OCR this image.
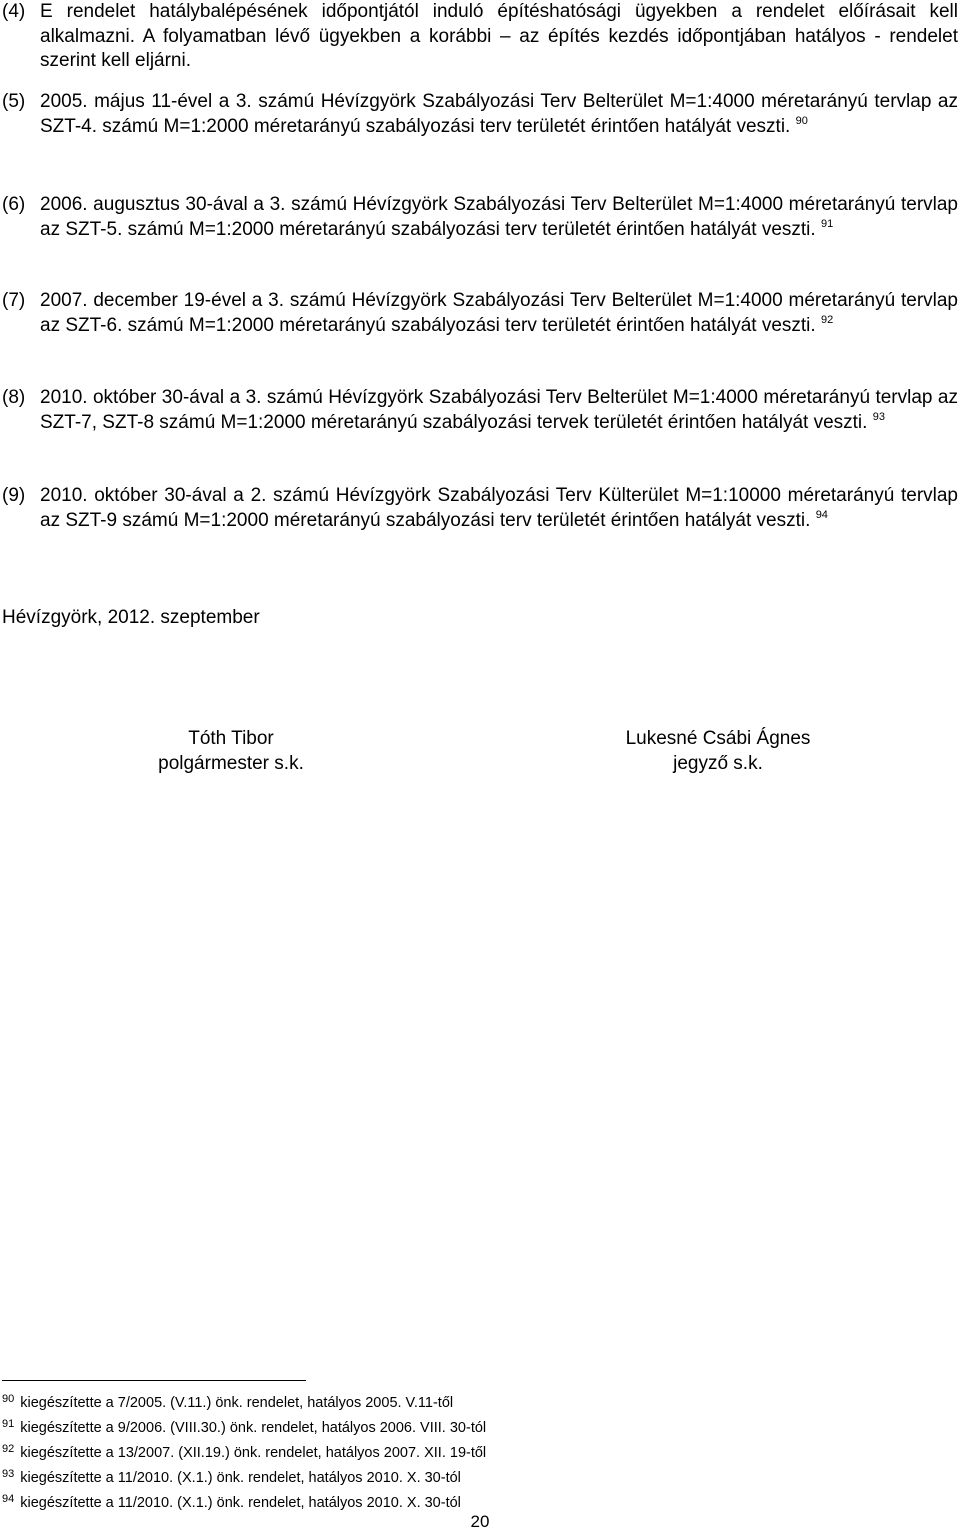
(4) E rendelet hatálybalépésének időpontjától induló építéshatósági ügyekben a rendelet előírásait kell alkalmazni. A folyamatban lévő ügyekben a korábbi – az építés kezdés időpontjában hatályos - rendelet szerint kell eljárni.
(5) 2005. május 11-ével a 3. számú Hévízgyörk Szabályozási Terv Belterület M=1:4000 méretarányú tervlap az SZT-4. számú M=1:2000 méretarányú szabályozási terv területét érintően hatályát veszti. $^{90}$
(6) 2006. augusztus 30-ával a 3. számú Hévízgyörk Szabályozási Terv Belterület M=1:4000 méretarányú tervlap az SZT-5. számú M=1:2000 méretarányú szabályozási terv területét érintően hatályát veszti. $^{91}$
(7) 2007. december 19-ével a 3. számú Hévízgyörk Szabályozási Terv Belterület M=1:4000 méretarányú tervlap az SZT-6. számú M=1:2000 méretarányú szabályozási terv területét érintően hatályát veszti. $^{92}$
(8) 2010. október 30-ával a 3. számú Hévízgyörk Szabályozási Terv Belterület M=1:4000 méretarányú tervlap az SZT-7, SZT-8 számú M=1:2000 méretarányú szabályozási tervek területét érintően hatályát veszti. $^{93}$
(9) 2010. október 30-ával a 2. számú Hévízgyörk Szabályozási Terv Külterület M=1:10000 méretarányú tervlap az SZT-9 számú M=1:2000 méretarányú szabályozási terv területét érintően hatályát veszti. $^{94}$
Hévízgyörk, 2012. szeptember
Tóth Tibor
polgármester s.k.
Lukesné Csábi Ágnes
jegyző s.k.
$^{90}$ kiegészítette a 7/2005. (V.11.) önk. rendelet, hatályos 2005. V.11-től
$^{91}$ kiegészítette a 9/2006. (VIII.30.) önk. rendelet, hatályos 2006. VIII. 30-tól
$^{92}$ kiegészítette a 13/2007. (XII.19.) önk. rendelet, hatályos 2007. XII. 19-től
$^{93}$ kiegészítette a 11/2010. (X.1.) önk. rendelet, hatályos 2010. X. 30-tól
$^{94}$ kiegészítette a 11/2010. (X.1.) önk. rendelet, hatályos 2010. X. 30-tól
20
